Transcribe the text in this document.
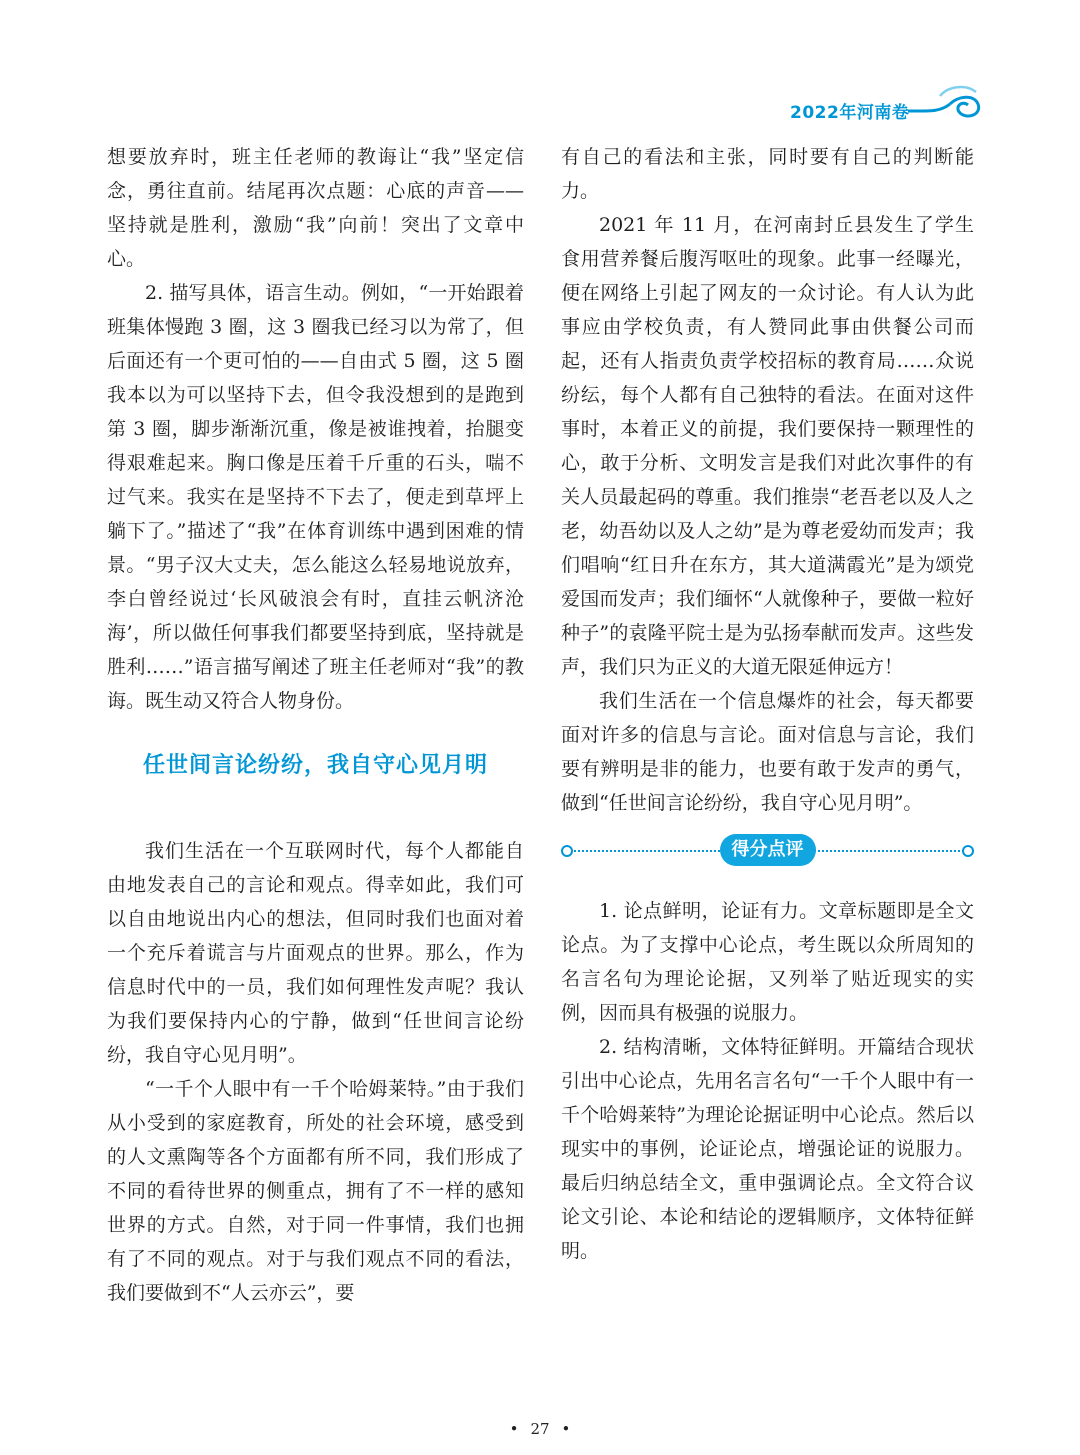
2022年河南卷

想要放弃时，班主任老师的教诲让“我”坚定信念，勇往直前。结尾再次点题：心底的声音——坚持就是胜利，激励“我”向前！突出了文章中心。

2. 描写具体，语言生动。例如，“一开始跟着班集体慢跑 3 圈，这 3 圈我已经习以为常了，但后面还有一个更可怕的——自由式 5 圈，这 5 圈我本以为可以坚持下去，但令我没想到的是跑到第 3 圈，脚步渐渐沉重，像是被谁拽着，抬腿变得艰难起来。胸口像是压着千斤重的石头，喘不过气来。我实在是坚持不下去了，便走到草坪上躺下了。”描述了“我”在体育训练中遇到困难的情景。“男子汉大丈夫，怎么能这么轻易地说放弃，李白曾经说过‘长风破浪会有时，直挂云帆济沧海’，所以做任何事我们都要坚持到底，坚持就是胜利……”语言描写阐述了班主任老师对“我”的教诲。既生动又符合人物身份。

任世间言论纷纷，我自守心见月明

我们生活在一个互联网时代，每个人都能自由地发表自己的言论和观点。得幸如此，我们可以自由地说出内心的想法，但同时我们也面对着一个充斥着谎言与片面观点的世界。那么，作为信息时代中的一员，我们如何理性发声呢？我认为我们要保持内心的宁静，做到“任世间言论纷纷，我自守心见月明”。

“一千个人眼中有一千个哈姆莱特。”由于我们从小受到的家庭教育，所处的社会环境，感受到的人文熏陶等各个方面都有所不同，我们形成了不同的看待世界的侧重点，拥有了不一样的感知世界的方式。自然，对于同一件事情，我们也拥有了不同的观点。对于与我们观点不同的看法，我们要做到不“人云亦云”，要

有自己的看法和主张，同时要有自己的判断能力。

2021 年 11 月，在河南封丘县发生了学生食用营养餐后腹泻呕吐的现象。此事一经曝光，便在网络上引起了网友的一众讨论。有人认为此事应由学校负责，有人赞同此事由供餐公司而起，还有人指责负责学校招标的教育局……众说纷纭，每个人都有自己独特的看法。在面对这件事时，本着正义的前提，我们要保持一颗理性的心，敢于分析、文明发言是我们对此次事件的有关人员最起码的尊重。我们推崇“老吾老以及人之老，幼吾幼以及人之幼”是为尊老爱幼而发声；我们唱响“红日升在东方，其大道满霞光”是为颂党爱国而发声；我们缅怀“人就像种子，要做一粒好种子”的袁隆平院士是为弘扬奉献而发声。这些发声，我们只为正义的大道无限延伸远方！

我们生活在一个信息爆炸的社会，每天都要面对许多的信息与言论。面对信息与言论，我们要有辨明是非的能力，也要有敢于发声的勇气，做到“任世间言论纷纷，我自守心见月明”。

得分点评

1. 论点鲜明，论证有力。文章标题即是全文论点。为了支撑中心论点，考生既以众所周知的名言名句为理论论据，又列举了贴近现实的实例，因而具有极强的说服力。

2. 结构清晰，文体特征鲜明。开篇结合现状引出中心论点，先用名言名句“一千个人眼中有一千个哈姆莱特”为理论论据证明中心论点。然后以现实中的事例，论证论点，增强论证的说服力。最后归纳总结全文，重申强调论点。全文符合议论文引论、本论和结论的逻辑顺序，文体特征鲜明。

• 27 •
